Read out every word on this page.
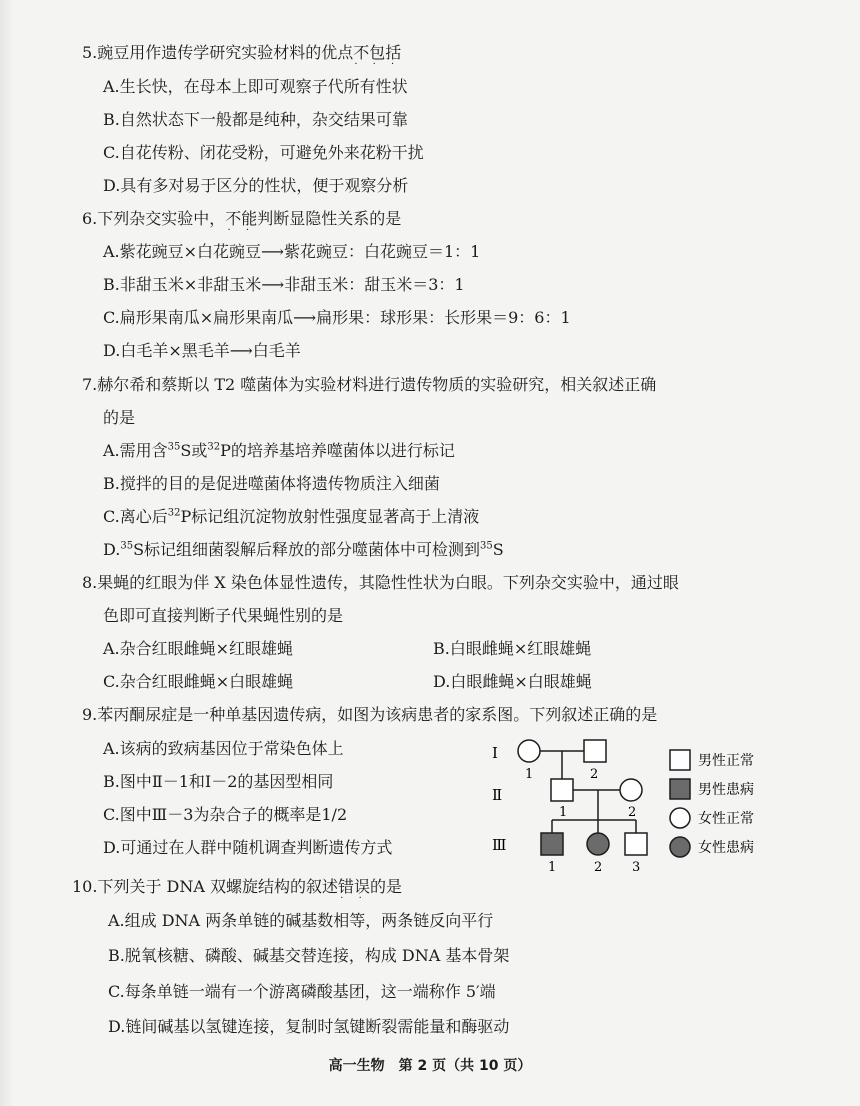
5.豌豆用作遗传学研究实验材料的优点不包括
· · ·
A.生长快，在母本上即可观察子代所有性状
B.自然状态下一般都是纯种，杂交结果可靠
C.自花传粉、闭花受粉，可避免外来花粉干扰
D.具有多对易于区分的性状，便于观察分析
6.下列杂交实验中，不能
· ·
判断显隐性关系的是
A.紫花豌豆×白花豌豆⟶紫花豌豆：白花豌豆＝1：1
B.非甜玉米×非甜玉米⟶非甜玉米：甜玉米＝3：1
C.扁形果南瓜×扁形果南瓜⟶扁形果：球形果：长形果＝9：6：1
D.白毛羊×黑毛羊⟶白毛羊
7.赫尔希和蔡斯以 T2 噬菌体为实验材料进行遗传物质的实验研究，相关叙述正确
的是
A.需用含$^{35}$S或$^{32}$P的培养基培养噬菌体以进行标记
B.搅拌的目的是促进噬菌体将遗传物质注入细菌
C.离心后$^{32}$P标记组沉淀物放射性强度显著高于上清液
D.$^{35}$S标记组细菌裂解后释放的部分噬菌体中可检测到$^{35}$S
8.果蝇的红眼为伴 X 染色体显性遗传，其隐性性状为白眼。下列杂交实验中，通过眼
色即可直接判断子代果蝇性别的是
A.杂合红眼雌蝇×红眼雄蝇	B.白眼雌蝇×红眼雄蝇
C.杂合红眼雌蝇×白眼雄蝇	D.白眼雌蝇×白眼雄蝇
9.苯丙酮尿症是一种单基因遗传病，如图为该病患者的家系图。下列叙述正确的是
A.该病的致病基因位于常染色体上
B.图中Ⅱ－1和Ⅰ－2的基因型相同
C.图中Ⅲ－3为杂合子的概率是1/2
D.可通过在人群中随机调查判断遗传方式
Ⅰ
Ⅱ
Ⅲ
1	2
1	2
1	2 3
男性正常
男性患病
女性正常
女性患病
10.下列关于 DNA 双螺旋结构的叙述错误
· ·
的是
A.组成 DNA 两条单链的碱基数相等，两条链反向平行
B.脱氧核糖、磷酸、碱基交替连接，构成 DNA 基本骨架
C.每条单链一端有一个游离磷酸基团，这一端称作 5′端
D.链间碱基以氢键连接，复制时氢键断裂需能量和酶驱动
高一生物　第 2 页（共 10 页）
